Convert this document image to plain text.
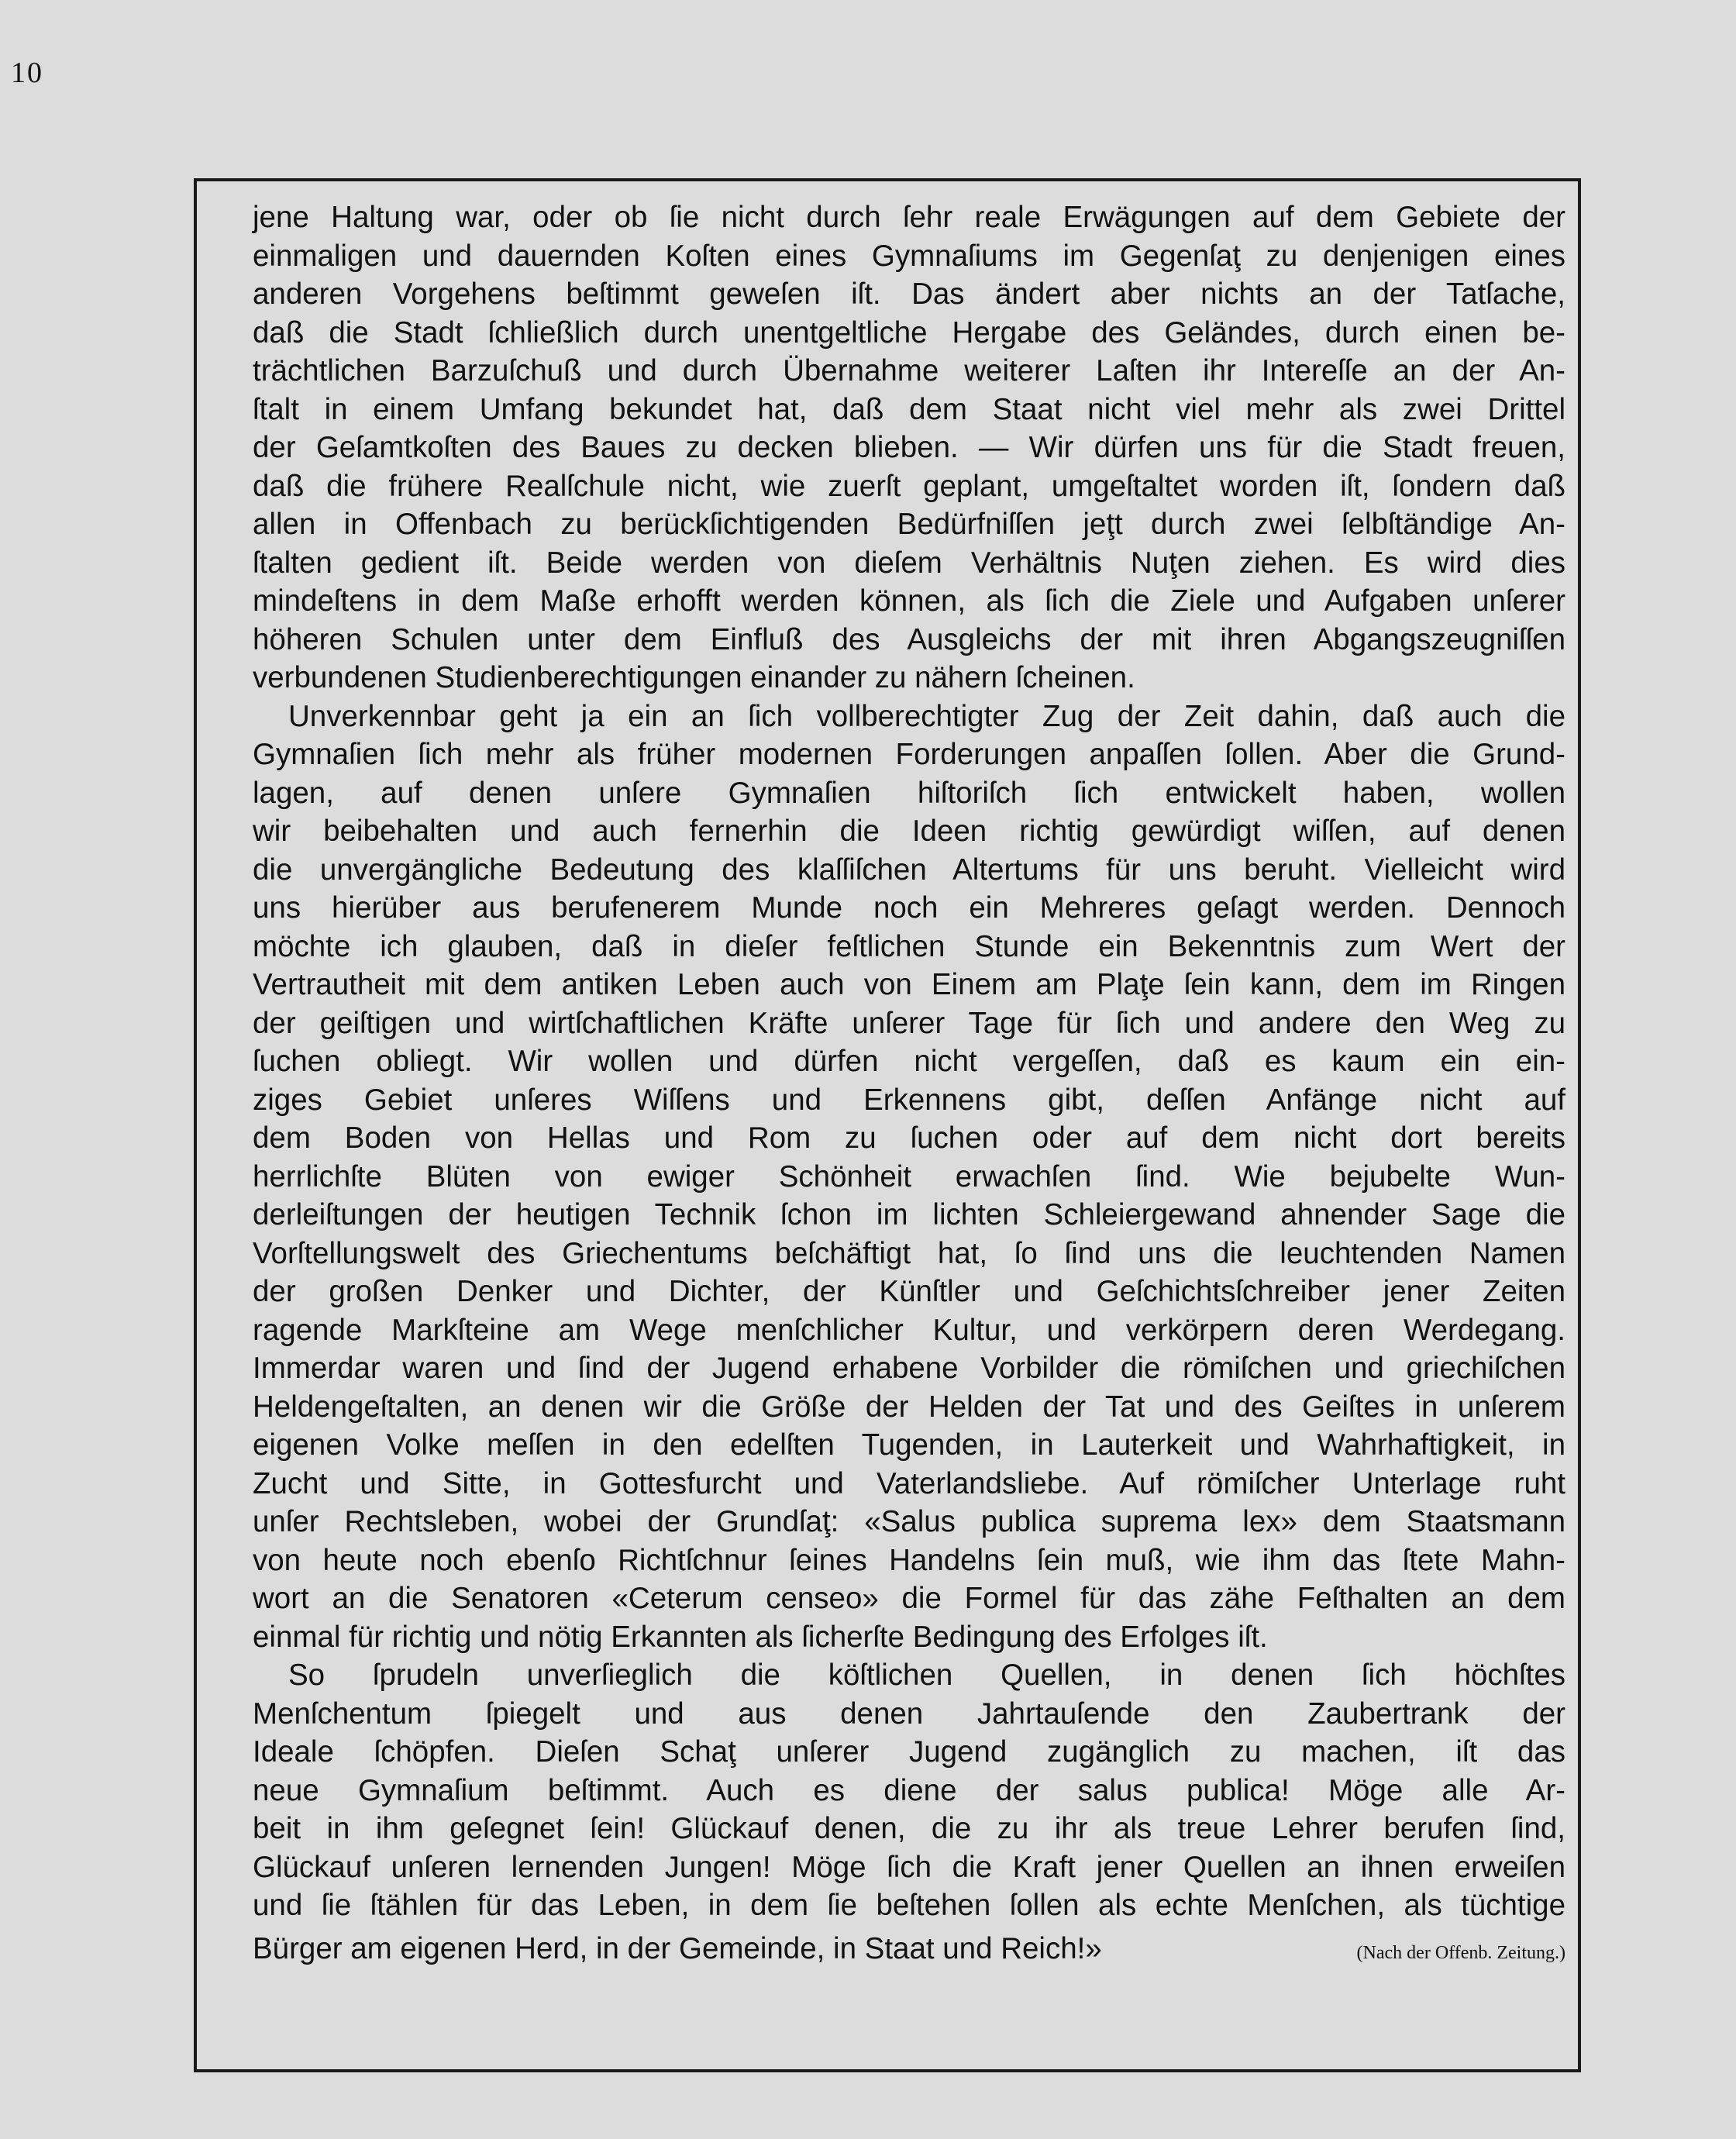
10

jene Haltung war, oder ob ſie nicht durch ſehr reale Erwägungen auf dem Gebiete der
einmaligen und dauernden Koſten eines Gymnaſiums im Gegenſaţ zu denjenigen eines
anderen Vorgehens beſtimmt geweſen iſt. Das ändert aber nichts an der Tatſache,
daß die Stadt ſchließlich durch unentgeltliche Hergabe des Geländes, durch einen be-
trächtlichen Barzuſchuß und durch Übernahme weiterer Laſten ihr Intereſſe an der An-
ſtalt in einem Umfang bekundet hat, daß dem Staat nicht viel mehr als zwei Drittel
der Geſamtkoſten des Baues zu decken blieben. — Wir dürfen uns für die Stadt freuen,
daß die frühere Realſchule nicht, wie zuerſt geplant, umgeſtaltet worden iſt, ſondern daß
allen in Offenbach zu berückſichtigenden Bedürfniſſen jeţt durch zwei ſelbſtändige An-
ſtalten gedient iſt. Beide werden von dieſem Verhältnis Nuţen ziehen. Es wird dies
mindeſtens in dem Maße erhofft werden können, als ſich die Ziele und Aufgaben unſerer
höheren Schulen unter dem Einfluß des Ausgleichs der mit ihren Abgangszeugniſſen
verbundenen Studienberechtigungen einander zu nähern ſcheinen.

Unverkennbar geht ja ein an ſich vollberechtigter Zug der Zeit dahin, daß auch die
Gymnaſien ſich mehr als früher modernen Forderungen anpaſſen ſollen. Aber die Grund-
lagen, auf denen unſere Gymnaſien hiſtoriſch ſich entwickelt haben, wollen
wir beibehalten und auch fernerhin die Ideen richtig gewürdigt wiſſen, auf denen
die unvergängliche Bedeutung des klaſſiſchen Altertums für uns beruht. Vielleicht wird
uns hierüber aus berufenerem Munde noch ein Mehreres geſagt werden. Dennoch
möchte ich glauben, daß in dieſer feſtlichen Stunde ein Bekenntnis zum Wert der
Vertrautheit mit dem antiken Leben auch von Einem am Plaţe ſein kann, dem im Ringen
der geiſtigen und wirtſchaftlichen Kräfte unſerer Tage für ſich und andere den Weg zu
ſuchen obliegt. Wir wollen und dürfen nicht vergeſſen, daß es kaum ein ein-
ziges Gebiet unſeres Wiſſens und Erkennens gibt, deſſen Anfänge nicht auf
dem Boden von Hellas und Rom zu ſuchen oder auf dem nicht dort bereits
herrlichſte Blüten von ewiger Schönheit erwachſen ſind. Wie bejubelte Wun-
derleiſtungen der heutigen Technik ſchon im lichten Schleiergewand ahnender Sage die
Vorſtellungswelt des Griechentums beſchäftigt hat, ſo ſind uns die leuchtenden Namen
der großen Denker und Dichter, der Künſtler und Geſchichtsſchreiber jener Zeiten
ragende Markſteine am Wege menſchlicher Kultur, und verkörpern deren Werdegang.
Immerdar waren und ſind der Jugend erhabene Vorbilder die römiſchen und griechiſchen
Heldengeſtalten, an denen wir die Größe der Helden der Tat und des Geiſtes in unſerem
eigenen Volke meſſen in den edelſten Tugenden, in Lauterkeit und Wahrhaftigkeit, in
Zucht und Sitte, in Gottesfurcht und Vaterlandsliebe. Auf römiſcher Unterlage ruht
unſer Rechtsleben, wobei der Grundſaţ: «Salus publica suprema lex» dem Staatsmann
von heute noch ebenſo Richtſchnur ſeines Handelns ſein muß, wie ihm das ſtete Mahn-
wort an die Senatoren «Ceterum censeo» die Formel für das zähe Feſthalten an dem
einmal für richtig und nötig Erkannten als ſicherſte Bedingung des Erfolges iſt.

So ſprudeln unverſieglich die köſtlichen Quellen, in denen ſich höchſtes
Menſchentum ſpiegelt und aus denen Jahrtauſende den Zaubertrank der
Ideale ſchöpfen. Dieſen Schaţ unſerer Jugend zugänglich zu machen, iſt das
neue Gymnaſium beſtimmt. Auch es diene der salus publica! Möge alle Ar-
beit in ihm geſegnet ſein! Glückauf denen, die zu ihr als treue Lehrer berufen ſind,
Glückauf unſeren lernenden Jungen! Möge ſich die Kraft jener Quellen an ihnen erweiſen
und ſie ſtählen für das Leben, in dem ſie beſtehen ſollen als echte Menſchen, als tüchtige
Bürger am eigenen Herd, in der Gemeinde, in Staat und Reich!»	(Nach der Offenb. Zeitung.)
